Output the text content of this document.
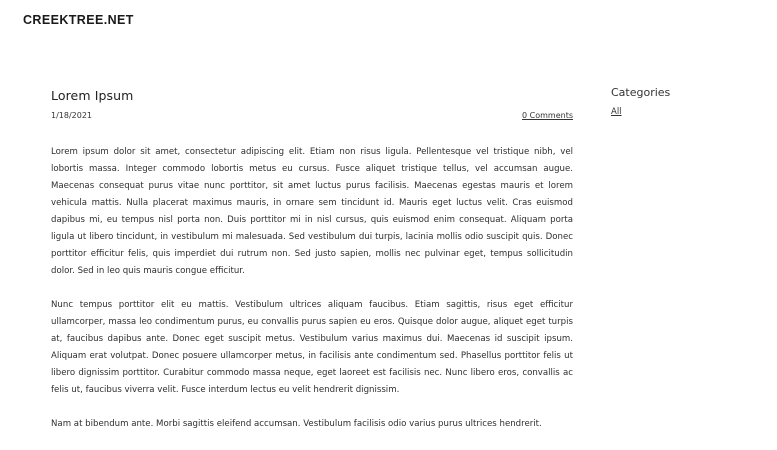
CREEKTREE.NET
Lorem Ipsum
1/18/2021	0 Comments

Lorem ipsum dolor sit amet, consectetur adipiscing elit. Etiam non risus ligula. Pellentesque vel tristique nibh, vel lobortis massa. Integer commodo lobortis metus eu cursus. Fusce aliquet tristique tellus, vel accumsan augue. Maecenas consequat purus vitae nunc porttitor, sit amet luctus purus facilisis. Maecenas egestas mauris et lorem vehicula mattis. Nulla placerat maximus mauris, in ornare sem tincidunt id. Mauris eget luctus velit. Cras euismod dapibus mi, eu tempus nisl porta non. Duis porttitor mi in nisl cursus, quis euismod enim consequat. Aliquam porta ligula ut libero tincidunt, in vestibulum mi malesuada. Sed vestibulum dui turpis, lacinia mollis odio suscipit quis. Donec porttitor efficitur felis, quis imperdiet dui rutrum non. Sed justo sapien, mollis nec pulvinar eget, tempus sollicitudin dolor. Sed in leo quis mauris congue efficitur.

Nunc tempus porttitor elit eu mattis. Vestibulum ultrices aliquam faucibus. Etiam sagittis, risus eget efficitur ullamcorper, massa leo condimentum purus, eu convallis purus sapien eu eros. Quisque dolor augue, aliquet eget turpis at, faucibus dapibus ante. Donec eget suscipit metus. Vestibulum varius maximus dui. Maecenas id suscipit ipsum. Aliquam erat volutpat. Donec posuere ullamcorper metus, in facilisis ante condimentum sed. Phasellus porttitor felis ut libero dignissim porttitor. Curabitur commodo massa neque, eget laoreet est facilisis nec. Nunc libero eros, convallis ac felis ut, faucibus viverra velit. Fusce interdum lectus eu velit hendrerit dignissim.

Nam at bibendum ante. Morbi sagittis eleifend accumsan. Vestibulum facilisis odio varius purus ultrices hendrerit.

Categories
All
